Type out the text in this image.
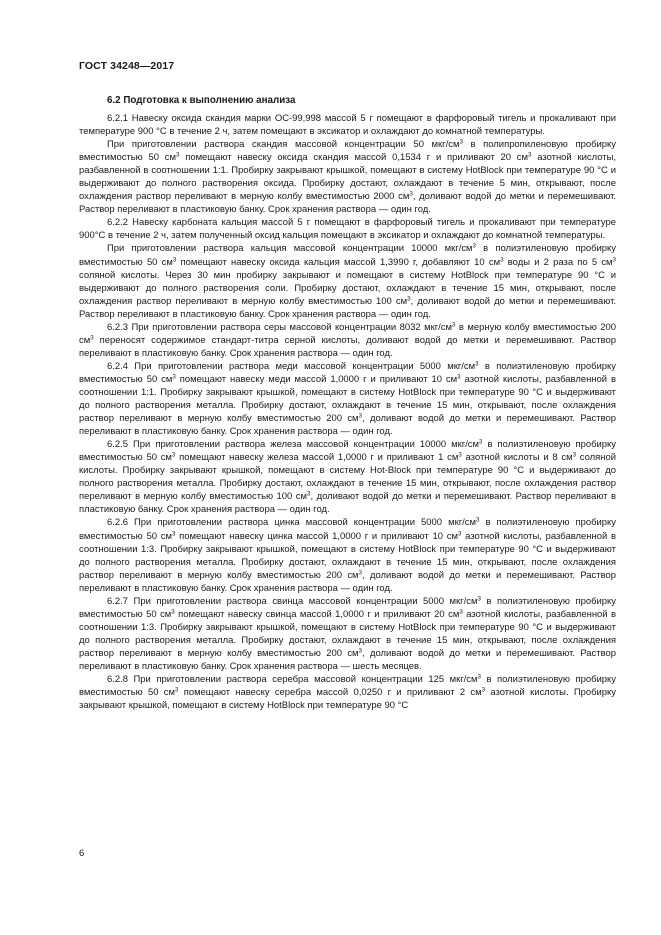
ГОСТ 34248—2017
6.2 Подготовка к выполнению анализа

6.2.1 Навеску оксида скандия марки ОС-99,998 массой 5 г помещают в фарфоровый тигель и прокаливают при температуре 900 °С в течение 2 ч, затем помещают в эксикатор и охлаждают до комнатной температуры.

При приготовлении раствора скандия массовой концентрации 50 мкг/$см^3$ в полипропиленовую пробирку вместимостью 50 $см^3$ помещают навеску оксида скандия массой 0,1534 г и приливают 20 $см^3$ азотной кислоты, разбавленной в соотношении 1:1. Пробирку закрывают крышкой, помещают в систему HotBlock при температуре 90 °С и выдерживают до полного растворения оксида. Пробирку достают, охлаждают в течение 5 мин, открывают, после охлаждения раствор переливают в мерную колбу вместимостью 2000 $см^3$, доливают водой до метки и перемешивают. Раствор переливают в пластиковую банку. Срок хранения раствора — один год.

6.2.2 Навеску карбоната кальция массой 5 г помещают в фарфоровый тигель и прокаливают при температуре 900°С в течение 2 ч, затем полученный оксид кальция помещают в эксикатор и охлаждают до комнатной температуры.

При приготовлении раствора кальция массовой концентрации 10000 мкг/$см^3$ в полиэтиленовую пробирку вместимостью 50 $см^3$ помещают навеску оксида кальция массой 1,3990 г, добавляют 10 $см^3$ воды и 2 раза по 5 $см^3$ соляной кислоты. Через 30 мин пробирку закрывают и помещают в систему HotBlock при температуре 90 °С и выдерживают до полного растворения соли. Пробирку достают, охлаждают в течение 15 мин, открывают, после охлаждения раствор переливают в мерную колбу вместимостью 100 $см^3$, доливают водой до метки и перемешивают. Раствор переливают в пластиковую банку. Срок хранения раствора — один год.

6.2.3 При приготовлении раствора серы массовой концентрации 8032 мкг/$см^3$ в мерную колбу вместимостью 200 $см^3$ переносят содержимое стандарт-титра серной кислоты, доливают водой до метки и перемешивают. Раствор переливают в пластиковую банку. Срок хранения раствора — один год.

6.2.4 При приготовлении раствора меди массовой концентрации 5000 мкг/$см^3$ в полиэтиленовую пробирку вместимостью 50 $см^3$ помещают навеску меди массой 1,0000 г и приливают 10 $см^3$ азотной кислоты, разбавленной в соотношении 1:1. Пробирку закрывают крышкой, помещают в систему HotBlock при температуре 90 °С и выдерживают до полного растворения металла. Пробирку достают, охлаждают в течение 15 мин, открывают, после охлаждения раствор переливают в мерную колбу вместимостью 200 $см^3$, доливают водой до метки и перемешивают. Раствор переливают в пластиковую банку. Срок хранения раствора — один год.

6.2.5 При приготовлении раствора железа массовой концентрации 10000 мкг/$см^3$ в полиэтиленовую пробирку вместимостью 50 $см^3$ помещают навеску железа массой 1,0000 г и приливают 1 $см^3$ азотной кислоты и 8 $см^3$ соляной кислоты. Пробирку закрывают крышкой, помещают в систему Hot-Block при температуре 90 °С и выдерживают до полного растворения металла. Пробирку достают, охлаждают в течение 15 мин, открывают, после охлаждения раствор переливают в мерную колбу вместимостью 100 $см^3$, доливают водой до метки и перемешивают. Раствор переливают в пластиковую банку. Срок хранения раствора — один год.

6.2.6 При приготовлении раствора цинка массовой концентрации 5000 мкг/$см^3$ в полиэтиленовую пробирку вместимостью 50 $см^3$ помещают навеску цинка массой 1,0000 г и приливают 10 $см^3$ азотной кислоты, разбавленной в соотношении 1:3. Пробирку закрывают крышкой, помещают в систему HotBlock при температуре 90 °С и выдерживают до полного растворения металла. Пробирку достают, охлаждают в течение 15 мин, открывают, после охлаждения раствор переливают в мерную колбу вместимостью 200 $см^3$, доливают водой до метки и перемешивают. Раствор переливают в пластиковую банку. Срок хранения раствора — один год.

6.2.7 При приготовлении раствора свинца массовой концентрации 5000 мкг/$см^3$ в полиэтиленовую пробирку вместимостью 50 $см^3$ помещают навеску свинца массой 1,0000 г и приливают 20 $см^3$ азотной кислоты, разбавленной в соотношении 1:3. Пробирку закрывают крышкой, помещают в систему HotBlock при температуре 90 °С и выдерживают до полного растворения металла. Пробирку достают, охлаждают в течение 15 мин, открывают, после охлаждения раствор переливают в мерную колбу вместимостью 200 $см^3$, доливают водой до метки и перемешивают. Раствор переливают в пластиковую банку. Срок хранения раствора — шесть месяцев.

6.2.8 При приготовлении раствора серебра массовой концентрации 125 мкг/$см^3$ в полиэтиленовую пробирку вместимостью 50 $см^3$ помещают навеску серебра массой 0,0250 г и приливают 2 $см^3$ азотной кислоты. Пробирку закрывают крышкой, помещают в систему HotBlock при температуре 90 °С

6
